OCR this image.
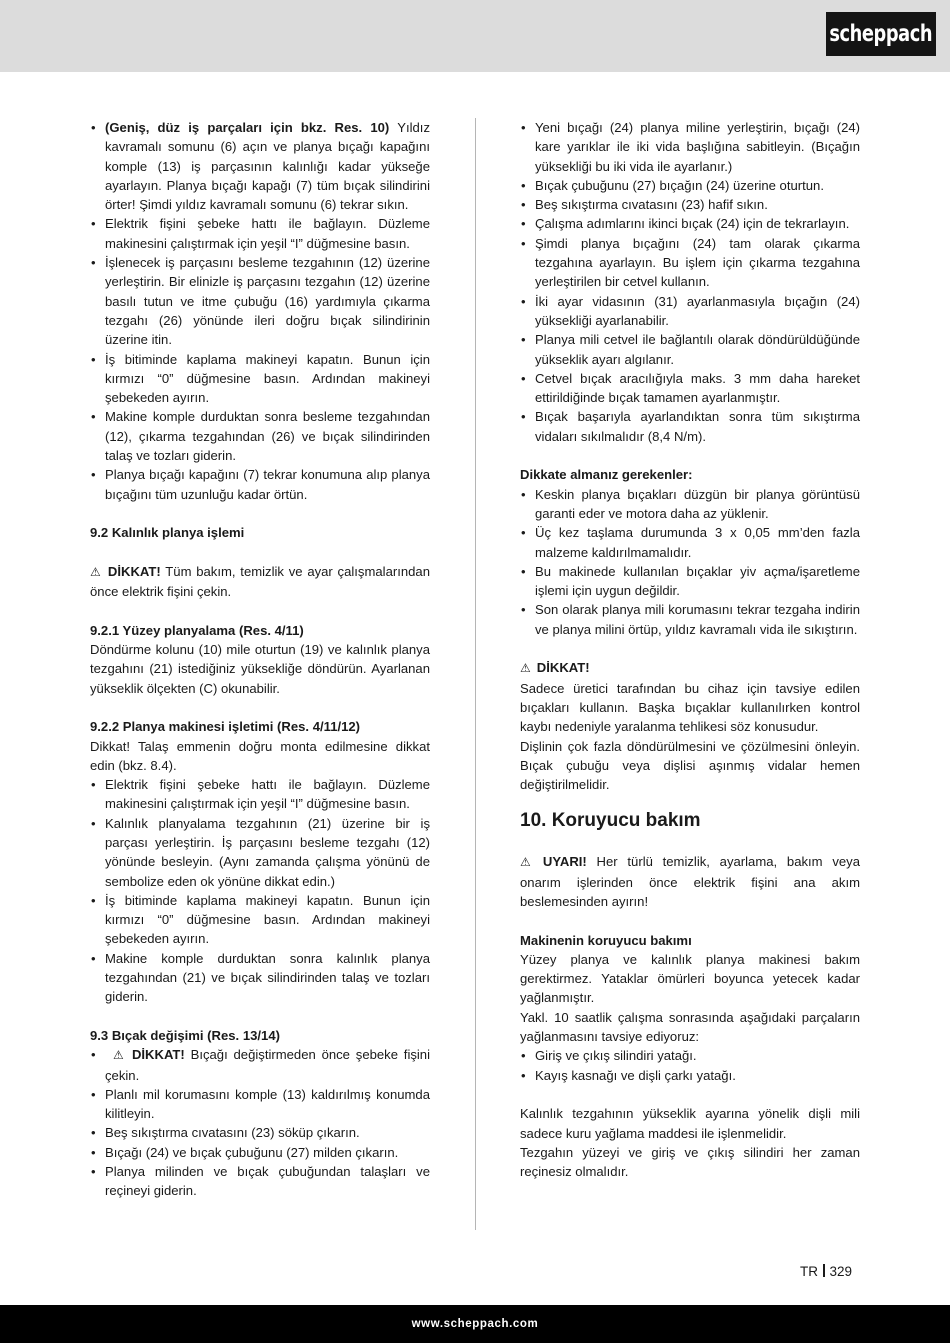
scheppach
• (Geniş, düz iş parçaları için bkz. Res. 10) Yıldız kavramalı somunu (6) açın ve planya bıçağı kapağını komple (13) iş parçasının kalınlığı kadar yükseğe ayarlayın. Planya bıçağı kapağı (7) tüm bıçak silindirini örter! Şimdi yıldız kavramalı somunu (6) tekrar sıkın.
• Elektrik fişini şebeke hattı ile bağlayın. Düzleme makinesini çalıştırmak için yeşil “I” düğmesine basın.
• İşlenecek iş parçasını besleme tezgahının (12) üzerine yerleştirin. Bir elinizle iş parçasını tezgahın (12) üzerine basılı tutun ve itme çubuğu (16) yardımıyla çıkarma tezgahı (26) yönünde ileri doğru bıçak silindirinin üzerine itin.
• İş bitiminde kaplama makineyi kapatın. Bunun için kırmızı “0” düğmesine basın. Ardından makineyi şebekeden ayırın.
• Makine komple durduktan sonra besleme tezgahından (12), çıkarma tezgahından (26) ve bıçak silindirinden talaş ve tozları giderin.
• Planya bıçağı kapağını (7) tekrar konumuna alıp planya bıçağını tüm uzunluğu kadar örtün.

9.2 Kalınlık planya işlemi

⚠ DİKKAT! Tüm bakım, temizlik ve ayar çalışmalarından önce elektrik fişini çekin.

9.2.1 Yüzey planyalama (Res. 4/11)

Döndürme kolunu (10) mile oturtun (19) ve kalınlık planya tezgahını (21) istediğiniz yüksekliğe döndürün. Ayarlanan yükseklik ölçekten (C) okunabilir.

9.2.2 Planya makinesi işletimi (Res. 4/11/12)

Dikkat! Talaş emmenin doğru monta edilmesine dikkat edin (bkz. 8.4).

• Elektrik fişini şebeke hattı ile bağlayın. Düzleme makinesini çalıştırmak için yeşil “I” düğmesine basın.
• Kalınlık planyalama tezgahının (21) üzerine bir iş parçası yerleştirin. İş parçasını besleme tezgahı (12) yönünde besleyin. (Aynı zamanda çalışma yönünü de sembolize eden ok yönüne dikkat edin.)
• İş bitiminde kaplama makineyi kapatın. Bunun için kırmızı “0” düğmesine basın. Ardından makineyi şebekeden ayırın.
• Makine komple durduktan sonra kalınlık planya tezgahından (21) ve bıçak silindirinden talaş ve tozları giderin.

9.3 Bıçak değişimi (Res. 13/14)

• ⚠ DİKKAT! Bıçağı değiştirmeden önce şebeke fişini çekin.
• Planlı mil korumasını komple (13) kaldırılmış konumda kilitleyin.
• Beş sıkıştırma cıvatasını (23) söküp çıkarın.
• Bıçağı (24) ve bıçak çubuğunu (27) milden çıkarın.
• Planya milinden ve bıçak çubuğundan talaşları ve reçineyi giderin.
• Yeni bıçağı (24) planya miline yerleştirin, bıçağı (24) kare yarıklar ile iki vida başlığına sabitleyin. (Bıçağın yüksekliği bu iki vida ile ayarlanır.)
• Bıçak çubuğunu (27) bıçağın (24) üzerine oturtun.
• Beş sıkıştırma cıvatasını (23) hafif sıkın.
• Çalışma adımlarını ikinci bıçak (24) için de tekrarlayın.
• Şimdi planya bıçağını (24) tam olarak çıkarma tezgahına ayarlayın. Bu işlem için çıkarma tezgahına yerleştirilen bir cetvel kullanın.
• İki ayar vidasının (31) ayarlanmasıyla bıçağın (24) yüksekliği ayarlanabilir.
• Planya mili cetvel ile bağlantılı olarak döndürüldüğünde yükseklik ayarı algılanır.
• Cetvel bıçak aracılığıyla maks. 3 mm daha hareket ettirildiğinde bıçak tamamen ayarlanmıştır.
• Bıçak başarıyla ayarlandıktan sonra tüm sıkıştırma vidaları sıkılmalıdır (8,4 N/m).

Dikkate almanız gerekenler:

• Keskin planya bıçakları düzgün bir planya görüntüsü garanti eder ve motora daha az yüklenir.
• Üç kez taşlama durumunda 3 x 0,05 mm’den fazla malzeme kaldırılmamalıdır.
• Bu makinede kullanılan bıçaklar yiv açma/işaretleme işlemi için uygun değildir.
• Son olarak planya mili korumasını tekrar tezgaha indirin ve planya milini örtüp, yıldız kavramalı vida ile sıkıştırın.

⚠ DİKKAT!

Sadece üretici tarafından bu cihaz için tavsiye edilen bıçakları kullanın. Başka bıçaklar kullanılırken kontrol kaybı nedeniyle yaralanma tehlikesi söz konusudur.

Dişlinin çok fazla döndürülmesini ve çözülmesini önleyin. Bıçak çubuğu veya dişlisi aşınmış vidalar hemen değiştirilmelidir.

10. Koruyucu bakım

⚠ UYARI! Her türlü temizlik, ayarlama, bakım veya onarım işlerinden önce elektrik fişini ana akım beslemesinden ayırın!

Makinenin koruyucu bakımı

Yüzey planya ve kalınlık planya makinesi bakım gerektirmez. Yataklar ömürleri boyunca yetecek kadar yağlanmıştır.

Yakl. 10 saatlik çalışma sonrasında aşağıdaki parçaların yağlanmasını tavsiye ediyoruz:

• Giriş ve çıkış silindiri yatağı.
• Kayış kasnağı ve dişli çarkı yatağı.

Kalınlık tezgahının yükseklik ayarına yönelik dişli mili sadece kuru yağlama maddesi ile işlenmelidir.

Tezgahın yüzeyi ve giriş ve çıkış silindiri her zaman reçinesiz olmalıdır.

TR 329
www.scheppach.com
